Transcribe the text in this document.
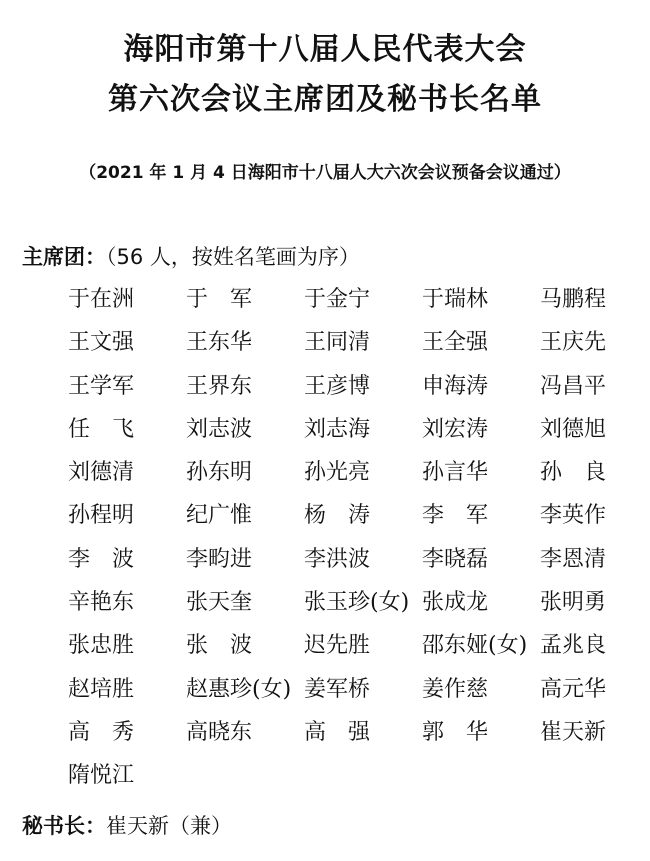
海阳市第十八届人民代表大会
第六次会议主席团及秘书长名单
（2021 年 1 月 4 日海阳市十八届人大六次会议预备会议通过）
主席团：（56 人，按姓名笔画为序）
于在洲	于　军	于金宁	于瑞林	马鹏程
王文强	王东华	王同清	王全强	王庆先
王学军	王界东	王彦博	申海涛	冯昌平
任　飞	刘志波	刘志海	刘宏涛	刘德旭
刘德清	孙东明	孙光亮	孙言华	孙　良
孙程明	纪广惟	杨　涛	李　军	李英作
李　波	李畇进	李洪波	李晓磊	李恩清
辛艳东	张天奎	张玉珍(女) 张成龙	张明勇
张忠胜	张　波	迟先胜	邵东娅(女) 孟兆良
赵培胜	赵惠珍(女) 姜军桥	姜作慈	高元华
高　秀	高晓东	高　强	郭　华	崔天新
隋悦江
秘书长：崔天新（兼）
